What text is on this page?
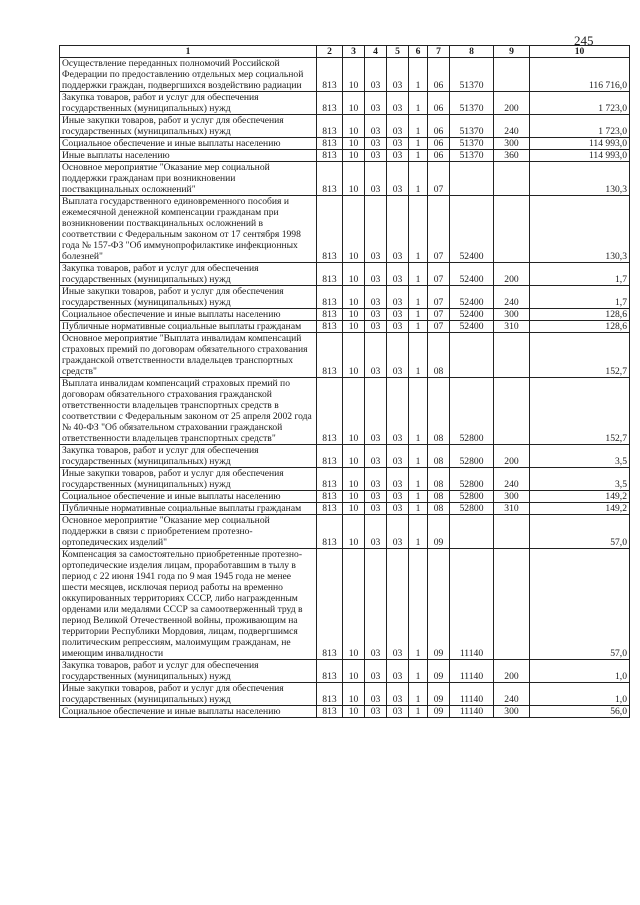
245
1	2	3	4	5	6	7	8	9	10
Осуществление переданных полномочий Российской Федерации по предоставлению отдельных мер социальной поддержки граждан, подвергшихся воздействию радиации	813	10	03	03	1	06	51370		116 716,0
Закупка товаров, работ и услуг для обеспечения государственных (муниципальных) нужд	813	10	03	03	1	06	51370	200	1 723,0
Иные закупки товаров, работ и услуг для обеспечения государственных (муниципальных) нужд	813	10	03	03	1	06	51370	240	1 723,0
Социальное обеспечение и иные выплаты населению	813	10	03	03	1	06	51370	300	114 993,0
Иные выплаты населению	813	10	03	03	1	06	51370	360	114 993,0
Основное мероприятие "Оказание мер социальной поддержки гражданам при возникновении поствакцинальных осложнений"	813	10	03	03	1	07			130,3
Выплата государственного единовременного пособия и ежемесячной денежной компенсации гражданам при возникновении поствакцинальных осложнений в соответствии с Федеральным законом от 17 сентября 1998 года № 157-ФЗ "Об иммунопрофилактике инфекционных болезней"	813	10	03	03	1	07	52400		130,3
Закупка товаров, работ и услуг для обеспечения государственных (муниципальных) нужд	813	10	03	03	1	07	52400	200	1,7
Иные закупки товаров, работ и услуг для обеспечения государственных (муниципальных) нужд	813	10	03	03	1	07	52400	240	1,7
Социальное обеспечение и иные выплаты населению	813	10	03	03	1	07	52400	300	128,6
Публичные нормативные социальные выплаты гражданам	813	10	03	03	1	07	52400	310	128,6
Основное мероприятие "Выплата инвалидам компенсаций страховых премий по договорам обязательного страхования гражданской ответственности владельцев транспортных средств"	813	10	03	03	1	08			152,7
Выплата инвалидам компенсаций страховых премий по договорам обязательного страхования гражданской ответственности владельцев транспортных средств в соответствии с Федеральным законом от 25 апреля 2002 года № 40-ФЗ "Об обязательном страховании гражданской ответственности владельцев транспортных средств"	813	10	03	03	1	08	52800		152,7
Закупка товаров, работ и услуг для обеспечения государственных (муниципальных) нужд	813	10	03	03	1	08	52800	200	3,5
Иные закупки товаров, работ и услуг для обеспечения государственных (муниципальных) нужд	813	10	03	03	1	08	52800	240	3,5
Социальное обеспечение и иные выплаты населению	813	10	03	03	1	08	52800	300	149,2
Публичные нормативные социальные выплаты гражданам	813	10	03	03	1	08	52800	310	149,2
Основное мероприятие "Оказание мер социальной поддержки в связи с приобретением протезно-ортопедических изделий"	813	10	03	03	1	09			57,0
Компенсация за самостоятельно приобретенные протезно-ортопедические изделия лицам, проработавшим в тылу в период с 22 июня 1941 года по 9 мая 1945 года не менее шести месяцев, исключая период работы на временно оккупированных территориях СССР, либо награжденным орденами или медалями СССР за самоотверженный труд в период Великой Отечественной войны, проживающим на территории Республики Мордовия, лицам, подвергшимся политическим репрессиям, малоимущим гражданам, не имеющим инвалидности	813	10	03	03	1	09	11140		57,0
Закупка товаров, работ и услуг для обеспечения государственных (муниципальных) нужд	813	10	03	03	1	09	11140	200	1,0
Иные закупки товаров, работ и услуг для обеспечения государственных (муниципальных) нужд	813	10	03	03	1	09	11140	240	1,0
Социальное обеспечение и иные выплаты населению	813	10	03	03	1	09	11140	300	56,0
